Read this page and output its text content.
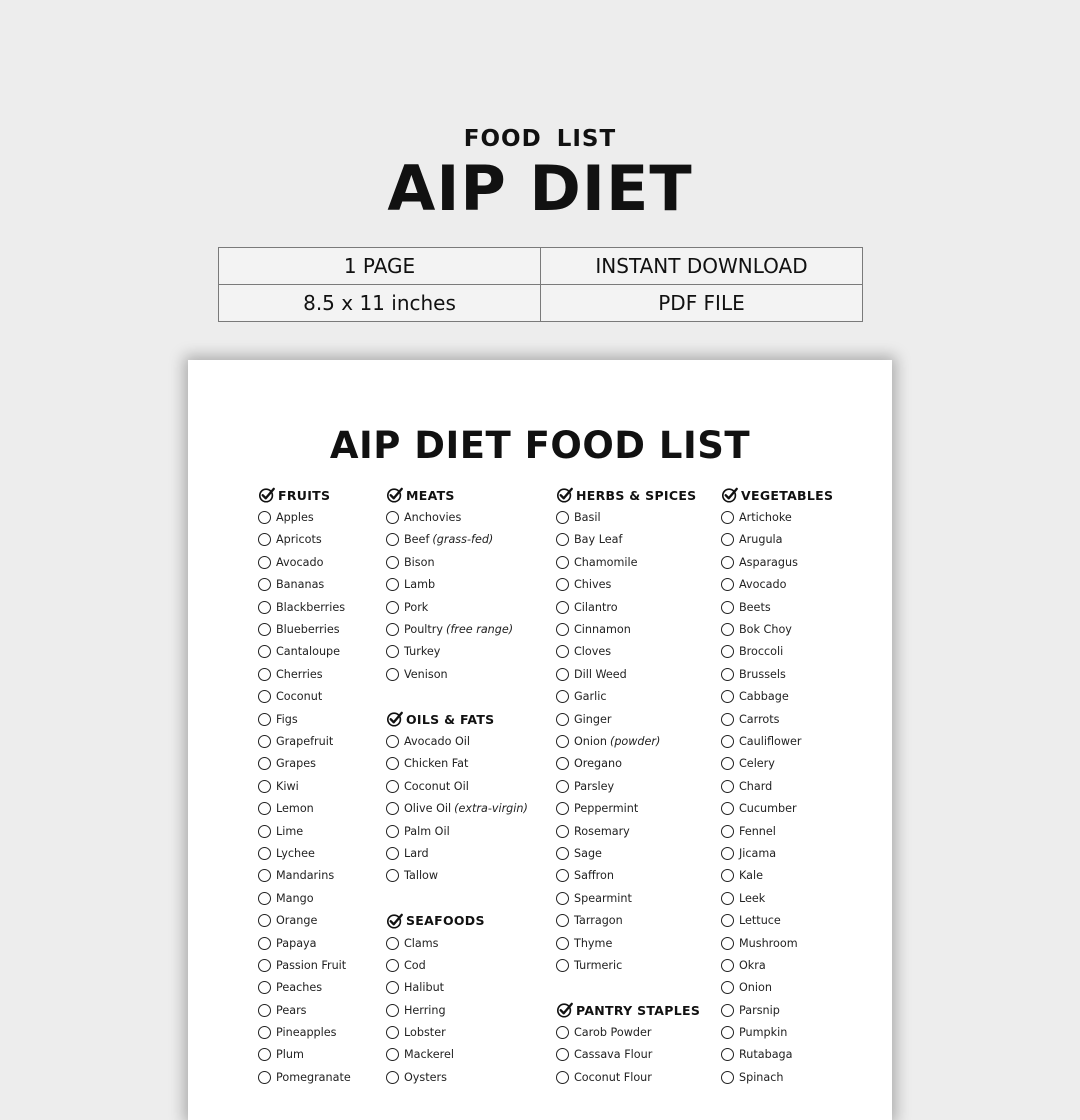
FOOD LIST
AIP DIET
1 PAGE	INSTANT DOWNLOAD
8.5 x 11 inches	PDF FILE
AIP DIET FOOD LIST
FRUITS
Apples
Apricots
Avocado
Bananas
Blackberries
Blueberries
Cantaloupe
Cherries
Coconut
Figs
Grapefruit
Grapes
Kiwi
Lemon
Lime
Lychee
Mandarins
Mango
Orange
Papaya
Passion Fruit
Peaches
Pears
Pineapples
Plum
Pomegranate
MEATS
Anchovies
Beef (grass-fed)
Bison
Lamb
Pork
Poultry (free range)
Turkey
Venison
OILS & FATS
Avocado Oil
Chicken Fat
Coconut Oil
Olive Oil (extra-virgin)
Palm Oil
Lard
Tallow
SEAFOODS
Clams
Cod
Halibut
Herring
Lobster
Mackerel
Oysters
HERBS & SPICES
Basil
Bay Leaf
Chamomile
Chives
Cilantro
Cinnamon
Cloves
Dill Weed
Garlic
Ginger
Onion (powder)
Oregano
Parsley
Peppermint
Rosemary
Sage
Saffron
Spearmint
Tarragon
Thyme
Turmeric
PANTRY STAPLES
Carob Powder
Cassava Flour
Coconut Flour
VEGETABLES
Artichoke
Arugula
Asparagus
Avocado
Beets
Bok Choy
Broccoli
Brussels
Cabbage
Carrots
Cauliflower
Celery
Chard
Cucumber
Fennel
Jicama
Kale
Leek
Lettuce
Mushroom
Okra
Onion
Parsnip
Pumpkin
Rutabaga
Spinach
